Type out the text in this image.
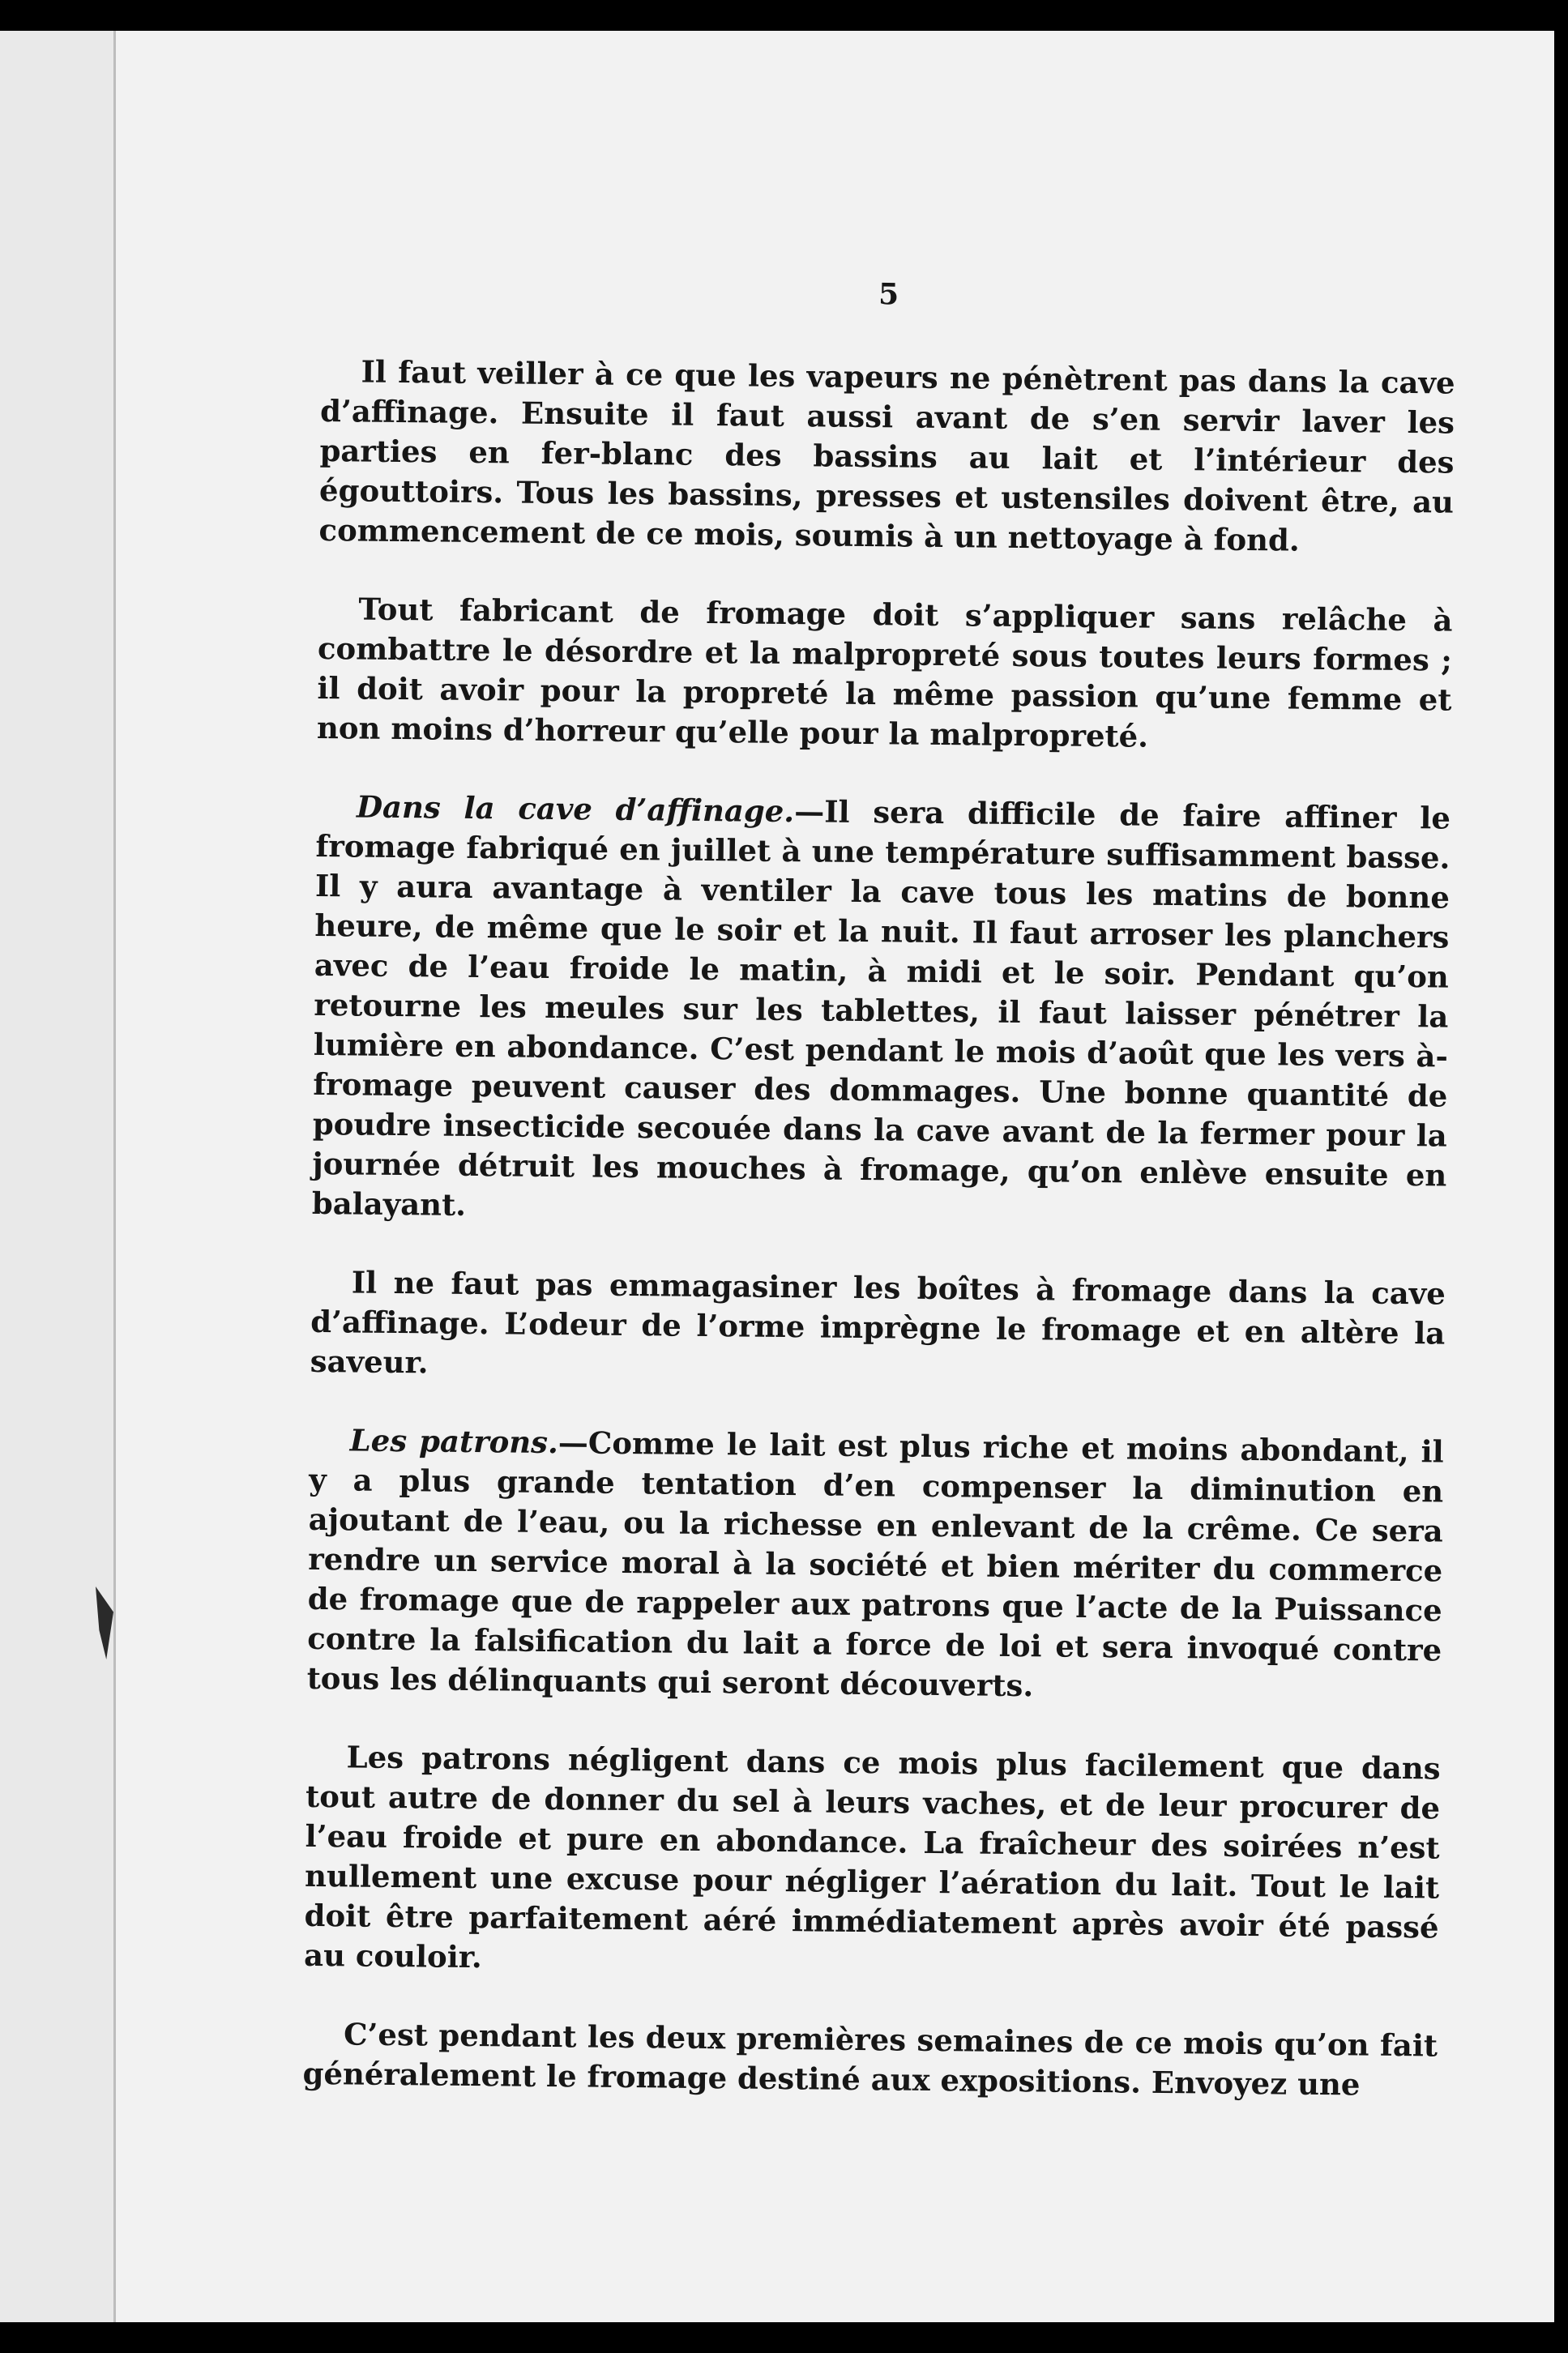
5

Il faut veiller à ce que les vapeurs ne pénètrent pas dans la cave d’affinage. Ensuite il faut aussi avant de s’en servir laver les parties en fer-blanc des bassins au lait et l’intérieur des égouttoirs. Tous les bassins, presses et ustensiles doivent être, au commencement de ce mois, soumis à un nettoyage à fond.

Tout fabricant de fromage doit s’appliquer sans relâche à combattre le désordre et la malpropreté sous toutes leurs formes ; il doit avoir pour la propreté la même passion qu’une femme et non moins d’horreur qu’elle pour la malpropreté.

Dans la cave d’affinage.—Il sera difficile de faire affiner le fromage fabriqué en juillet à une température suffisamment basse. Il y aura avantage à ventiler la cave tous les matins de bonne heure, de même que le soir et la nuit. Il faut arroser les planchers avec de l’eau froide le matin, à midi et le soir. Pendant qu’on retourne les meules sur les tablettes, il faut laisser pénétrer la lumière en abondance. C’est pendant le mois d’août que les vers à-fromage peuvent causer des dommages. Une bonne quantité de poudre insecticide secouée dans la cave avant de la fermer pour la journée détruit les mouches à fromage, qu’on enlève ensuite en balayant.

Il ne faut pas emmagasiner les boîtes à fromage dans la cave d’affinage. L’odeur de l’orme imprègne le fromage et en altère la saveur.

Les patrons.—Comme le lait est plus riche et moins abondant, il y a plus grande tentation d’en compenser la diminution en ajoutant de l’eau, ou la richesse en enlevant de la crême. Ce sera rendre un service moral à la société et bien mériter du commerce de fromage que de rappeler aux patrons que l’acte de la Puissance contre la falsification du lait a force de loi et sera invoqué contre tous les délinquants qui seront découverts.

Les patrons négligent dans ce mois plus facilement que dans tout autre de donner du sel à leurs vaches, et de leur procurer de l’eau froide et pure en abondance. La fraîcheur des soirées n’est nullement une excuse pour négliger l’aération du lait. Tout le lait doit être parfaitement aéré immédiatement après avoir été passé au couloir.

C’est pendant les deux premières semaines de ce mois qu’on fait généralement le fromage destiné aux expositions. Envoyez une
